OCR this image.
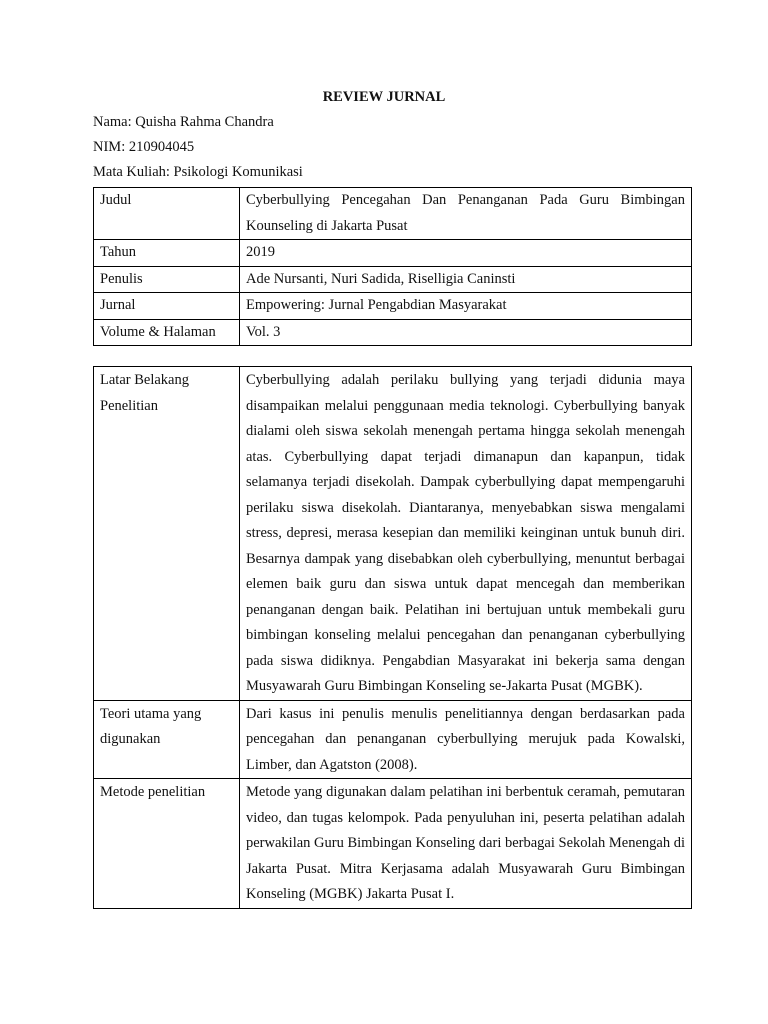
REVIEW JURNAL
Nama: Quisha Rahma Chandra
NIM: 210904045
Mata Kuliah: Psikologi Komunikasi
Judul	Cyberbullying Pencegahan Dan Penanganan Pada Guru Bimbingan Kounseling di Jakarta Pusat
Tahun	2019
Penulis	Ade Nursanti, Nuri Sadida, Riselligia Caninsti
Jurnal	Empowering: Jurnal Pengabdian Masyarakat
Volume & Halaman	Vol. 3
Latar Belakang Penelitian	Cyberbullying adalah perilaku bullying yang terjadi didunia maya disampaikan melalui penggunaan media teknologi. Cyberbullying banyak dialami oleh siswa sekolah menengah pertama hingga sekolah menengah atas. Cyberbullying dapat terjadi dimanapun dan kapanpun, tidak selamanya terjadi disekolah. Dampak cyberbullying dapat mempengaruhi perilaku siswa disekolah. Diantaranya, menyebabkan siswa mengalami stress, depresi, merasa kesepian dan memiliki keinginan untuk bunuh diri. Besarnya dampak yang disebabkan oleh cyberbullying, menuntut berbagai elemen baik guru dan siswa untuk dapat mencegah dan memberikan penanganan dengan baik. Pelatihan ini bertujuan untuk membekali guru bimbingan konseling melalui pencegahan dan penanganan cyberbullying pada siswa didiknya. Pengabdian Masyarakat ini bekerja sama dengan Musyawarah Guru Bimbingan Konseling se-Jakarta Pusat (MGBK).
Teori utama yang digunakan	Dari kasus ini penulis menulis penelitiannya dengan berdasarkan pada pencegahan dan penanganan cyberbullying merujuk pada Kowalski, Limber, dan Agatston (2008).
Metode penelitian	Metode yang digunakan dalam pelatihan ini berbentuk ceramah, pemutaran video, dan tugas kelompok. Pada penyuluhan ini, peserta pelatihan adalah perwakilan Guru Bimbingan Konseling dari berbagai Sekolah Menengah di Jakarta Pusat. Mitra Kerjasama adalah Musyawarah Guru Bimbingan Konseling (MGBK) Jakarta Pusat I.
